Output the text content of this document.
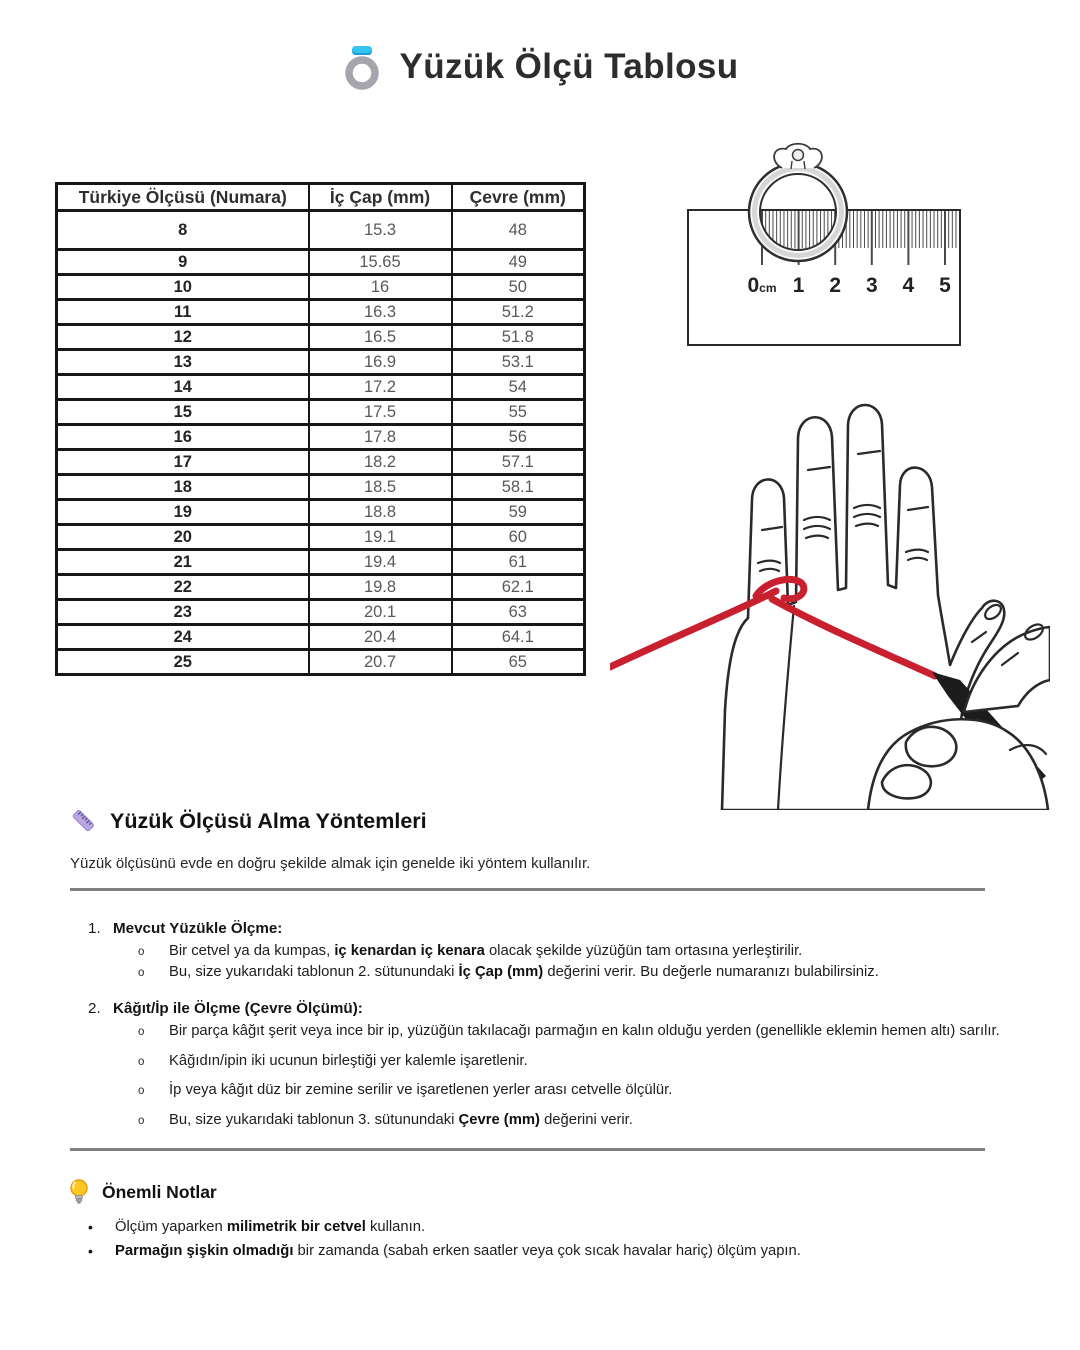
Yüzük Ölçü Tablosu
Türkiye Ölçüsü (Numara)	İç Çap (mm)	Çevre (mm)
8	15.3	48
9	15.65	49
10	16	50
11	16.3	51.2
12	16.5	51.8
13	16.9	53.1
14	17.2	54
15	17.5	55
16	17.8	56
17	18.2	57.1
18	18.5	58.1
19	18.8	59
20	19.1	60
21	19.4	61
22	19.8	62.1
23	20.1	63
24	20.4	64.1
25	20.7	65
0cm 1 2 3 4 5
Yüzük Ölçüsü Alma Yöntemleri

Yüzük ölçüsünü evde en doğru şekilde almak için genelde iki yöntem kullanılır.

1. Mevcut Yüzükle Ölçme:
o	Bir cetvel ya da kumpas, iç kenardan iç kenara olacak şekilde yüzüğün tam ortasına yerleştirilir.
o	Bu, size yukarıdaki tablonun 2. sütunundaki İç Çap (mm) değerini verir. Bu değerle numaranızı bulabilirsiniz.
2. Kâğıt/İp ile Ölçme (Çevre Ölçümü):
o	Bir parça kâğıt şerit veya ince bir ip, yüzüğün takılacağı parmağın en kalın olduğu yerden (genellikle eklemin hemen altı) sarılır.
o	Kâğıdın/ipin iki ucunun birleştiği yer kalemle işaretlenir.
o	İp veya kâğıt düz bir zemine serilir ve işaretlenen yerler arası cetvelle ölçülür.
o	Bu, size yukarıdaki tablonun 3. sütunundaki Çevre (mm) değerini verir.
Önemli Notlar
•	Ölçüm yaparken milimetrik bir cetvel kullanın.
•	Parmağın şişkin olmadığı bir zamanda (sabah erken saatler veya çok sıcak havalar hariç) ölçüm yapın.
